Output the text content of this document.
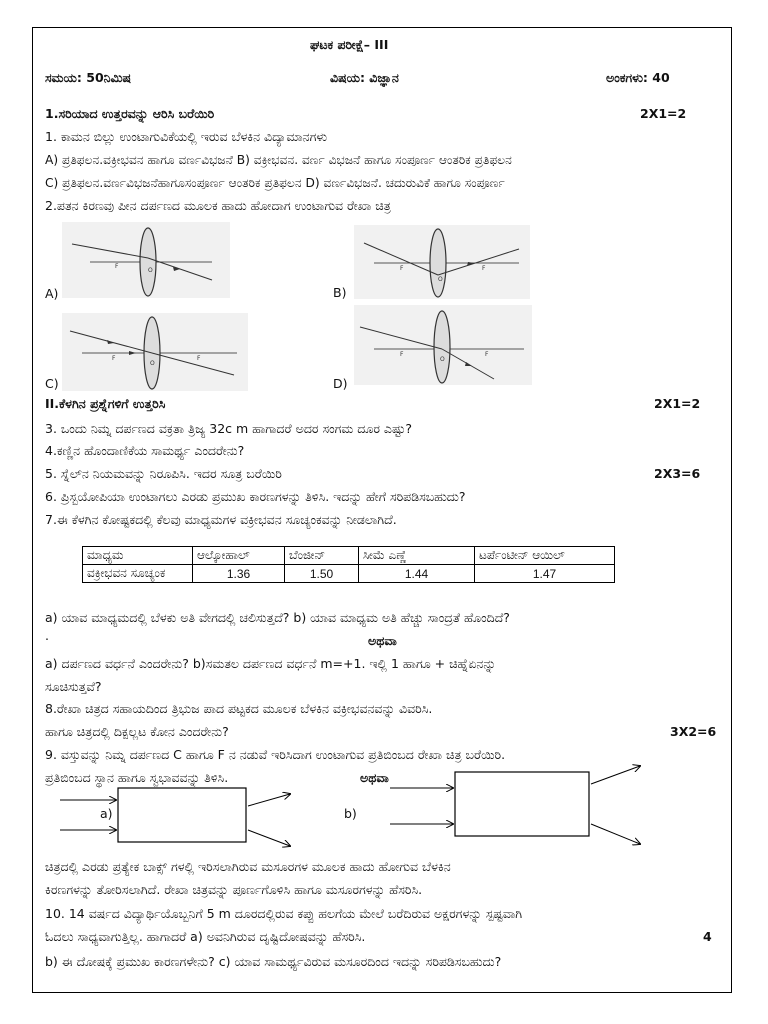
ಘಟಕ ಪರೀಕ್ಷೆ– III
ಸಮಯ: 50ನಿಮಿಷ	ವಿಷಯ: ವಿಜ್ಞಾನ	ಅಂಕಗಳು: 40
1.ಸರಿಯಾದ ಉತ್ತರವನ್ನು ಆರಿಸಿ ಬರೆಯಿರಿ	2X1=2
1. ಕಾಮನ ಬಿಲ್ಲು ಉಂಟಾಗುವಿಕೆಯಲ್ಲಿ ಇರುವ ಬೆಳಕಿನ ವಿದ್ಯಾಮಾನಗಳು
A) ಪ್ರತಿಫಲನ.ವಕ್ರೀಭವನ ಹಾಗೂ ವರ್ಣವಿಭಜನೆ B) ವಕ್ರೀಭವನ. ವರ್ಣ ವಿಭಜನೆ ಹಾಗೂ ಸಂಪೂರ್ಣ ಆಂತರಿಕ ಪ್ರತಿಫಲನ
C) ಪ್ರತಿಫಲನ.ವರ್ಣವಿಭಜನೆಹಾಗೂಸಂಪೂರ್ಣ ಆಂತರಿಕ ಪ್ರತಿಫಲನ D) ವರ್ಣವಿಭಜನೆ. ಚದುರುವಿಕೆ ಹಾಗೂ ಸಂಪೂರ್ಣ
2.ಪತನ ಕಿರಣವು ಪೀನ ದರ್ಪಣದ ಮೂಲಕ ಹಾದು ಹೋದಾಗ ಉಂಟಾಗುವ ರೇಖಾ ಚಿತ್ರ
A)
F
O
B)
F	F
O
C)
F	F
O
D)
F	F
O
II.ಕೆಳಗಿನ ಪ್ರಶ್ನೆಗಳಿಗೆ ಉತ್ತರಿಸಿ	2X1=2
3. ಒಂದು ನಿಮ್ನ ದರ್ಪಣದ ವಕ್ರತಾ ತ್ರಿಜ್ಯ 32c m ಹಾಗಾದರೆ ಅದರ ಸಂಗಮ ದೂರ ಎಷ್ಟು?
4.ಕಣ್ಣಿನ ಹೊಂದಾಣಿಕೆಯ ಸಾಮರ್ಥ್ಯ ಎಂದರೇನು?
5. ಸ್ನೆಲ್‌ನ ನಿಯಮವನ್ನು ನಿರೂಪಿಸಿ. ಇದರ ಸೂತ್ರ ಬರೆಯಿರಿ	2X3=6
6. ಪ್ರಿಸ್ಬಯೋಪಿಯಾ ಉಂಟಾಗಲು ಎರಡು ಪ್ರಮುಖ ಕಾರಣಗಳನ್ನು ತಿಳಿಸಿ. ಇದನ್ನು ಹೇಗೆ ಸರಿಪಡಿಸಬಹುದು?
7.ಈ ಕೆಳಗಿನ ಕೋಷ್ಟಕದಲ್ಲಿ ಕೆಲವು ಮಾಧ್ಯಮಗಳ ವಕ್ರೀಭವನ ಸೂಚ್ಯಂಕವನ್ನು ನೀಡಲಾಗಿದೆ.
ಮಾಧ್ಯಮ	ಆಲ್ಕೋಹಾಲ್	ಬೆಂಜೀನ್	ಸೀಮೆ ಎಣ್ಣೆ	ಟರ್ಪೆಂಟೀನ್ ಆಯಿಲ್
ವಕ್ರೀಭವನ ಸೂಚ್ಯಂಕ	1.36	1.50	1.44	1.47
a) ಯಾವ ಮಾಧ್ಯಮದಲ್ಲಿ ಬೆಳಕು ಅತಿ ವೇಗದಲ್ಲಿ ಚಲಿಸುತ್ತದೆ? b) ಯಾವ ಮಾಧ್ಯಮ ಅತಿ ಹೆಚ್ಚು ಸಾಂದ್ರತೆ ಹೊಂದಿದೆ?
.	ಅಥವಾ
a) ದರ್ಪಣದ ವರ್ಧನೆ ಎಂದರೇನು? b)ಸಮತಲ ದರ್ಪಣದ ವರ್ಧನೆ m=+1. ಇಲ್ಲಿ 1 ಹಾಗೂ + ಚಿಹ್ನೆಏನನ್ನು
ಸೂಚಿಸುತ್ತವೆ?
8.ರೇಖಾ ಚಿತ್ರದ ಸಹಾಯದಿಂದ ತ್ರಿಭುಜ ಪಾದ ಪಟ್ಟಕದ ಮೂಲಕ ಬೆಳಕಿನ ವಕ್ರೀಭವನವನ್ನು ವಿವರಿಸಿ.
ಹಾಗೂ ಚಿತ್ರದಲ್ಲಿ ದಿಕ್ಪಲ್ಲಟ ಕೋನ ಎಂದರೇನು?	3X2=6
9. ವಸ್ತುವನ್ನು ನಿಮ್ನ ದರ್ಪಣದ C ಹಾಗೂ F ನ ನಡುವೆ ಇರಿಸಿದಾಗ ಉಂಟಾಗುವ ಪ್ರತಿಬಿಂಬದ ರೇಖಾ ಚಿತ್ರ ಬರೆಯಿರಿ.
ಪ್ರತಿಬಿಂಬದ ಸ್ಥಾನ ಹಾಗೂ ಸ್ವಭಾವವನ್ನು ತಿಳಿಸಿ.	ಅಥವಾ
a)	b)
ಚಿತ್ರದಲ್ಲಿ ಎರಡು ಪ್ರತ್ಯೇಕ ಬಾಕ್ಸ್ ಗಳಲ್ಲಿ ಇರಿಸಲಾಗಿರುವ ಮಸೂರಗಳ ಮೂಲಕ ಹಾದು ಹೋಗುವ ಬೆಳಕಿನ
ಕಿರಣಗಳನ್ನು ತೋರಿಸಲಾಗಿದೆ. ರೇಖಾ ಚಿತ್ರವನ್ನು ಪೂರ್ಣಗೊಳಿಸಿ ಹಾಗೂ ಮಸೂರಗಳನ್ನು ಹೆಸರಿಸಿ.
10. 14 ವರ್ಷದ ವಿದ್ಯಾರ್ಥಿಯೊಬ್ಬನಿಗೆ 5 m ದೂರದಲ್ಲಿರುವ ಕಪ್ಪು ಹಲಗೆಯ ಮೇಲೆ ಬರೆದಿರುವ ಅಕ್ಷರಗಳನ್ನು ಸ್ಪಷ್ಟವಾಗಿ
ಓದಲು ಸಾಧ್ಯವಾಗುತ್ತಿಲ್ಲ. ಹಾಗಾದರೆ a) ಅವನಿಗಿರುವ ದೃಷ್ಟಿದೋಷವನ್ನು ಹೆಸರಿಸಿ.	4
b) ಈ ದೋಷಕ್ಕೆ ಪ್ರಮುಖ ಕಾರಣಗಳೇನು? c) ಯಾವ ಸಾಮರ್ಥ್ಯವಿರುವ ಮಸೂರದಿಂದ ಇದನ್ನು ಸರಿಪಡಿಸಬಹುದು?
